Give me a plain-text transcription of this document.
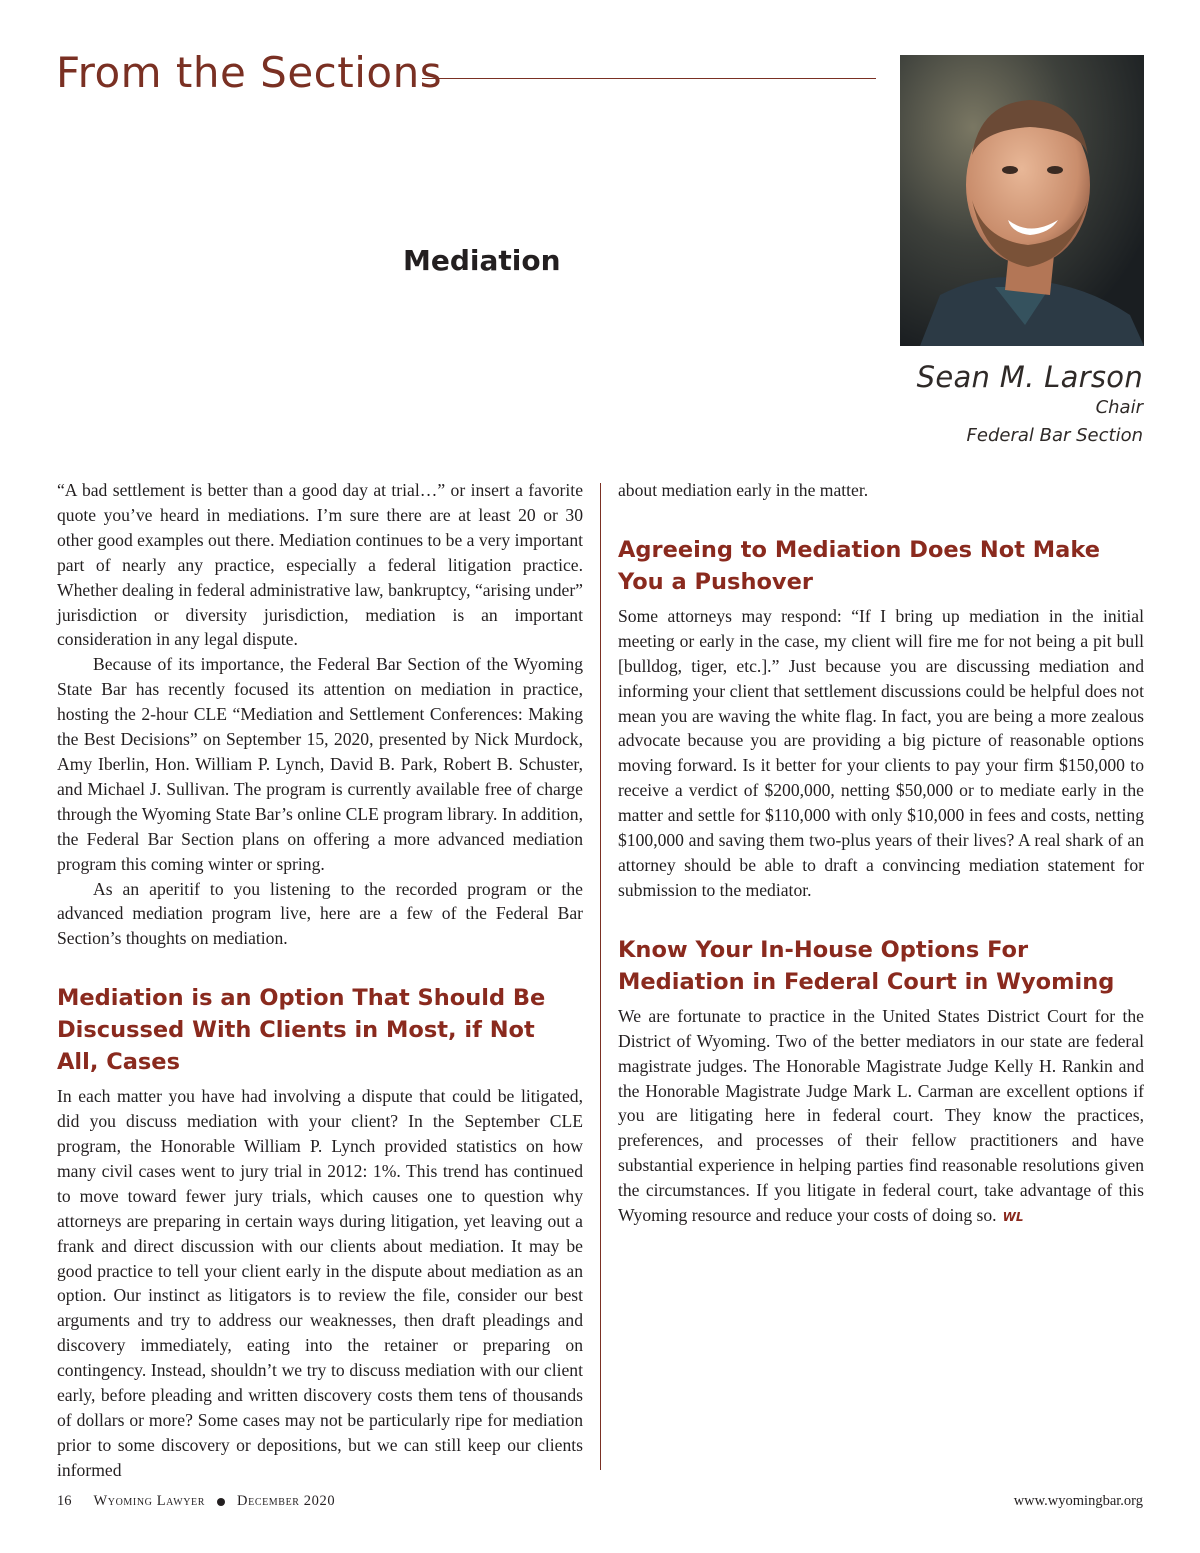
From the Sections
Mediation
Sean M. Larson
Chair
Federal Bar Section

“A bad settlement is better than a good day at trial…” or insert a favorite quote you’ve heard in mediations. I’m sure there are at least 20 or 30 other good examples out there. Mediation continues to be a very important part of nearly any practice, especially a federal litigation practice. Whether dealing in federal administrative law, bankruptcy, “arising under” jurisdiction or diversity jurisdiction, mediation is an important consideration in any legal dispute.

Because of its importance, the Federal Bar Section of the Wyoming State Bar has recently focused its attention on mediation in practice, hosting the 2-hour CLE “Mediation and Settlement Conferences: Making the Best Decisions” on September 15, 2020, presented by Nick Murdock, Amy Iberlin, Hon. William P. Lynch, David B. Park, Robert B. Schuster, and Michael J. Sullivan. The program is currently available free of charge through the Wyoming State Bar’s online CLE program library. In addition, the Federal Bar Section plans on offering a more advanced mediation program this coming winter or spring.

As an aperitif to you listening to the recorded program or the advanced mediation program live, here are a few of the Federal Bar Section’s thoughts on mediation.

Mediation is an Option That Should Be Discussed With Clients in Most, if Not All, Cases

In each matter you have had involving a dispute that could be litigated, did you discuss mediation with your client? In the September CLE program, the Honorable William P. Lynch provided statistics on how many civil cases went to jury trial in 2012: 1%. This trend has continued to move toward fewer jury trials, which causes one to question why attorneys are preparing in certain ways during litigation, yet leaving out a frank and direct discussion with our clients about mediation. It may be good practice to tell your client early in the dispute about mediation as an option. Our instinct as litigators is to review the file, consider our best arguments and try to address our weaknesses, then draft pleadings and discovery immediately, eating into the retainer or preparing on contingency. Instead, shouldn’t we try to discuss mediation with our client early, before pleading and written discovery costs them tens of thousands of dollars or more? Some cases may not be particularly ripe for mediation prior to some discovery or depositions, but we can still keep our clients informed

about mediation early in the matter.

Agreeing to Mediation Does Not Make You a Pushover

Some attorneys may respond: “If I bring up mediation in the initial meeting or early in the case, my client will fire me for not being a pit bull [bulldog, tiger, etc.].” Just because you are discussing mediation and informing your client that settlement discussions could be helpful does not mean you are waving the white flag. In fact, you are being a more zealous advocate because you are providing a big picture of reasonable options moving forward. Is it better for your clients to pay your firm $150,000 to receive a verdict of $200,000, netting $50,000 or to mediate early in the matter and settle for $110,000 with only $10,000 in fees and costs, netting $100,000 and saving them two-plus years of their lives? A real shark of an attorney should be able to draft a convincing mediation statement for submission to the mediator.

Know Your In-House Options For Mediation in Federal Court in Wyoming

We are fortunate to practice in the United States District Court for the District of Wyoming. Two of the better mediators in our state are federal magistrate judges. The Honorable Magistrate Judge Kelly H. Rankin and the Honorable Magistrate Judge Mark L. Carman are excellent options if you are litigating here in federal court. They know the practices, preferences, and processes of their fellow practitioners and have substantial experience in helping parties find reasonable resolutions given the circumstances. If you litigate in federal court, take advantage of this Wyoming resource and reduce your costs of doing so. WL

16 Wyoming Lawyer December 2020	www.wyomingbar.org
